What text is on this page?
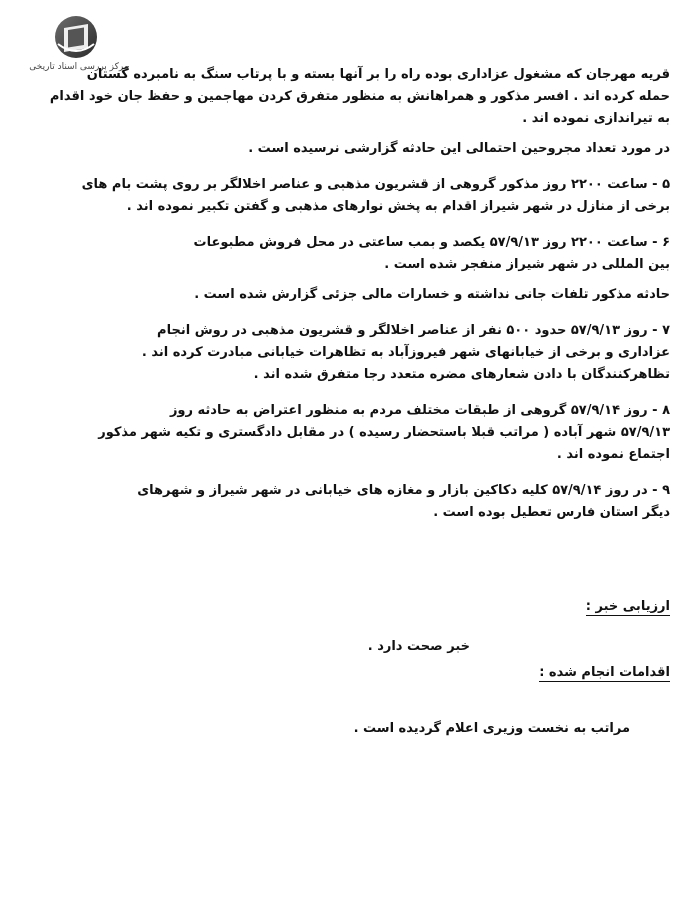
مرکز بررسی اسناد تاریخی
قریه مهرجان که مشغول عزاداری بوده راه را بر آنها بسته و با پرتاب سنگ به نامبرده گستان
حمله کرده اند . افسر مذکور و همراهانش به منظور متفرق کردن مهاجمین و حفظ جان خود اقدام
به تیراندازی نموده اند .
در مورد تعداد مجروحین احتمالی این حادثه گزارشی نرسیده است .
۵ - ساعت ۲۲۰۰ روز مذکور گروهی از قشریون مذهبی و عناصر اخلالگر بر روی پشت بام های
برخی از منازل در شهر شیراز اقدام به پخش نوارهای مذهبی و گفتن تکبیر نموده اند .
۶ - ساعت ۲۲۰۰ روز ۵۷/۹/۱۳ یکصد و بمب ساعتی در محل فروش مطبوعات
بین المللی در شهر شیراز منفجر شده است .
حادثه مذکور تلفات جانی نداشته و خسارات مالی جزئی گزارش شده است .
۷ - روز ۵۷/۹/۱۳ حدود ۵۰۰ نفر از عناصر اخلالگر و قشریون مذهبی در روش انجام
عزاداری و برخی از خیابانهای شهر فیروزآباد به تظاهرات خیابانی مبادرت کرده اند .
تظاهرکنندگان با دادن شعارهای مضره متعدد رجا متفرق شده اند .
۸ - روز ۵۷/۹/۱۴ گروهی از طبقات مختلف مردم به منظور اعتراض به حادثه روز
۵۷/۹/۱۳ شهر آباده ( مراتب قبلا باستحضار رسیده ) در مقابل دادگستری و تکیه شهر مذکور
اجتماع نموده اند .
۹ - در روز ۵۷/۹/۱۴ کلیه دکاکین بازار و مغازه های خیابانی در شهر شیراز و شهرهای
دیگر استان فارس تعطیل بوده است .
ارزیابی خبر :
خبر صحت دارد .
اقدامات انجام شده :
مراتب به نخست وزیری اعلام گردیده است .
